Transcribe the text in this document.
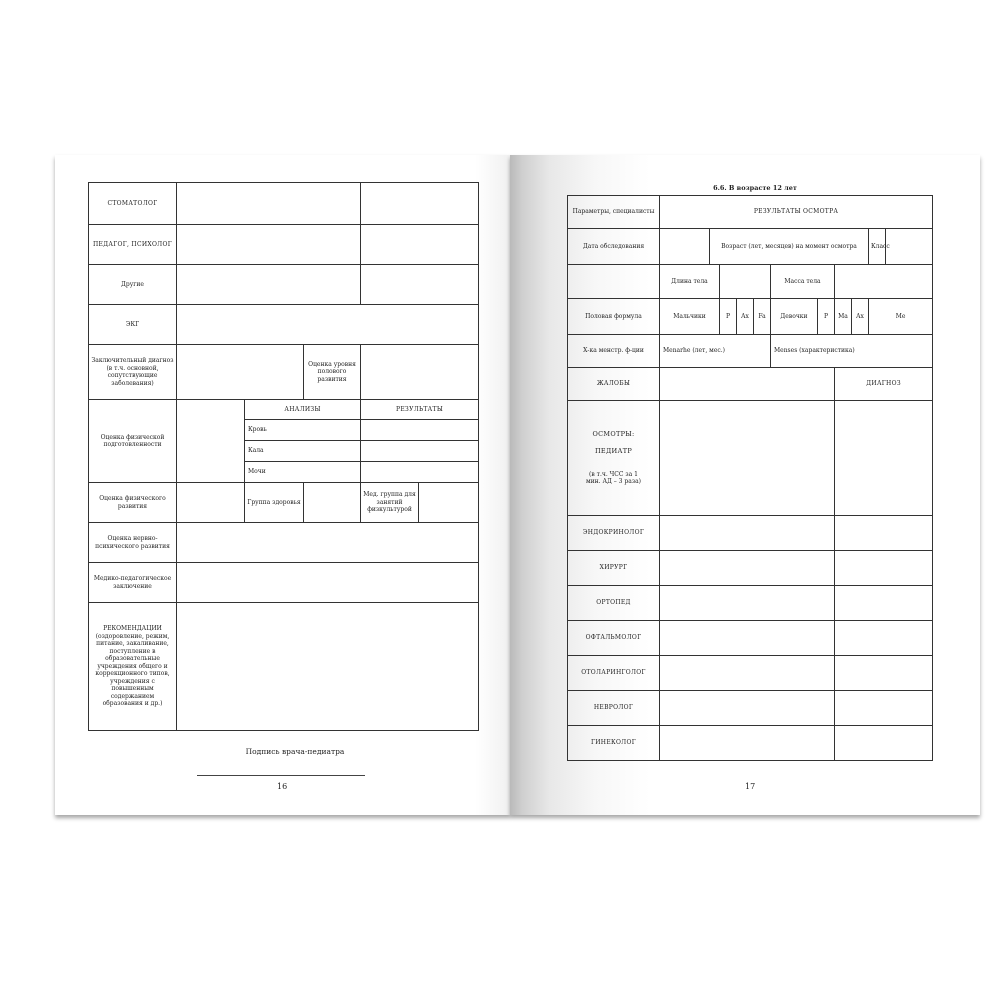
СТОМАТОЛОГ					
ПЕДАГОГ, ПСИХОЛОГ					
Другие					
ЭКГ					
Заключительный диагноз (в т.ч. основной, сопутствующие заболевания)			Оценка уровня полового развития		
Оценка физической подготовленности		АНАЛИЗЫ		РЕЗУЛЬТАТЫ	
		Кровь			
		Кала			
		Мочи			
Оценка физического развития		Группа здоровья		Мед. группа для занятий физкультурой	
Оценка нервно-психического развития					
Медико-педагогическое заключение					
РЕКОМЕНДАЦИИ (оздоровление, режим, питание, закаливание, поступление в образовательные учреждения общего и коррекционного типов, учреждения с повышенным содержанием образования и др.)					
Подпись врача-педиатра
16
6.6. В возрасте 12 лет
Параметры, специалисты	РЕЗУЛЬТАТЫ ОСМОТРА										
Дата обследования		Возраст (лет, месяцев) на момент осмотра								Класс	
	Длина тела					Масса тела					
Половая формула	Мальчики		Р	Ax	Fa	Девочки	Р	Ma	Ax	Me	
Х-ка менстр. ф-ции	Menarhe (лет, мес.)					Menses (характеристика)					
ЖАЛОБЫ								ДИАГНОЗ			

ОСМОТРЫ:
ПЕДИАТР
(в т.ч. ЧСС за 1 мин. АД – 3 раза)											

ЭНДОКРИНОЛОГ											
ХИРУРГ											
ОРТОПЕД											
ОФТАЛЬМОЛОГ											
ОТОЛАРИНГОЛОГ											
НЕВРОЛОГ											
ГИНЕКОЛОГ											
17
